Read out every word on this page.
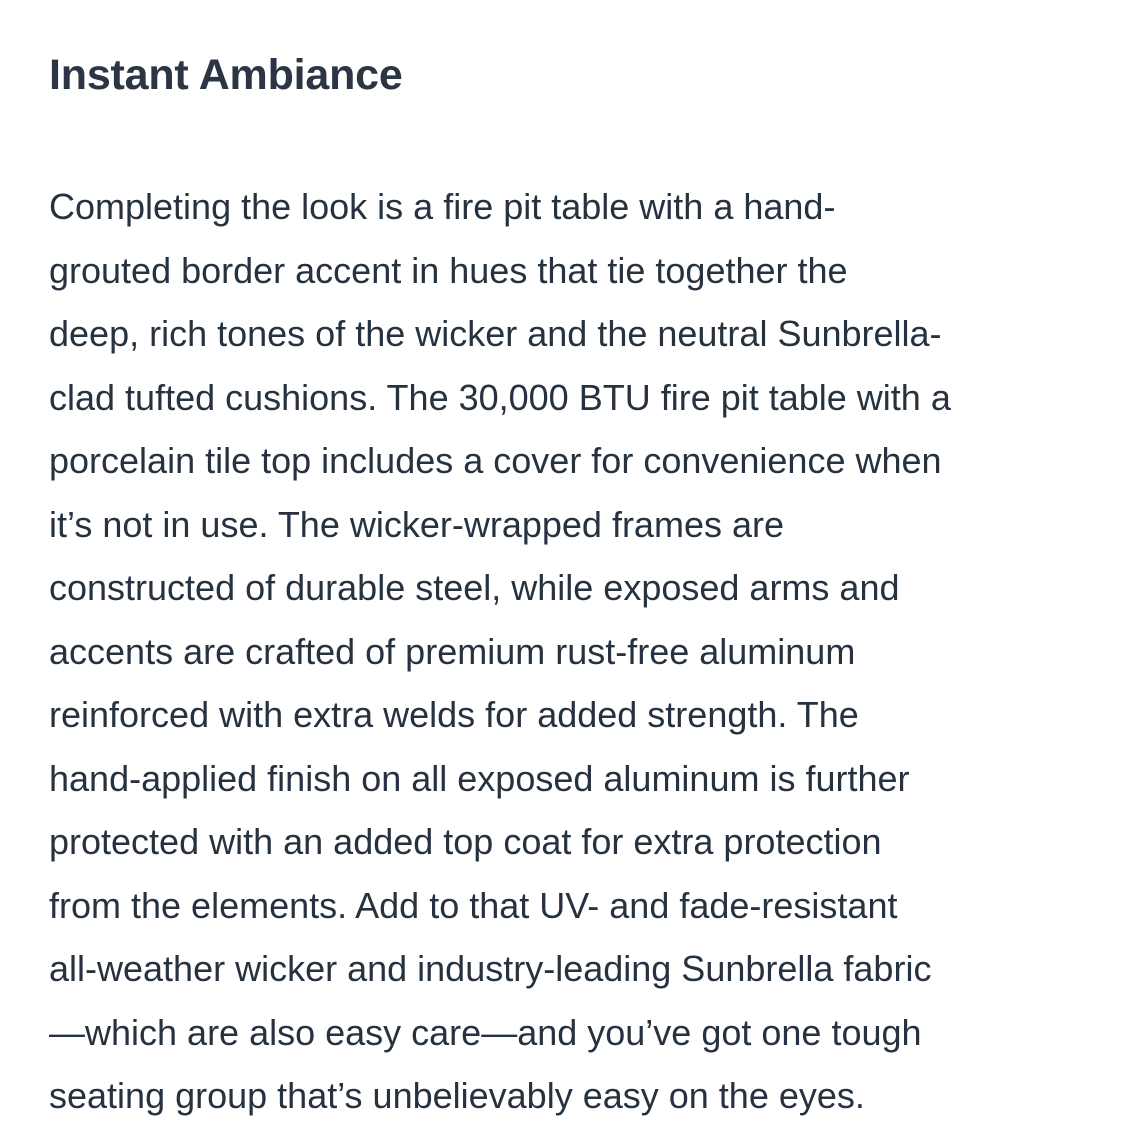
Instant Ambiance

Completing the look is a fire pit table with a hand-
grouted border accent in hues that tie together the
deep, rich tones of the wicker and the neutral Sunbrella-
clad tufted cushions. The 30,000 BTU fire pit table with a
porcelain tile top includes a cover for convenience when
it’s not in use. The wicker-wrapped frames are
constructed of durable steel, while exposed arms and
accents are crafted of premium rust-free aluminum
reinforced with extra welds for added strength. The
hand-applied finish on all exposed aluminum is further
protected with an added top coat for extra protection
from the elements. Add to that UV- and fade-resistant
all-weather wicker and industry-leading Sunbrella fabric
—which are also easy care—and you’ve got one tough
seating group that’s unbelievably easy on the eyes.
